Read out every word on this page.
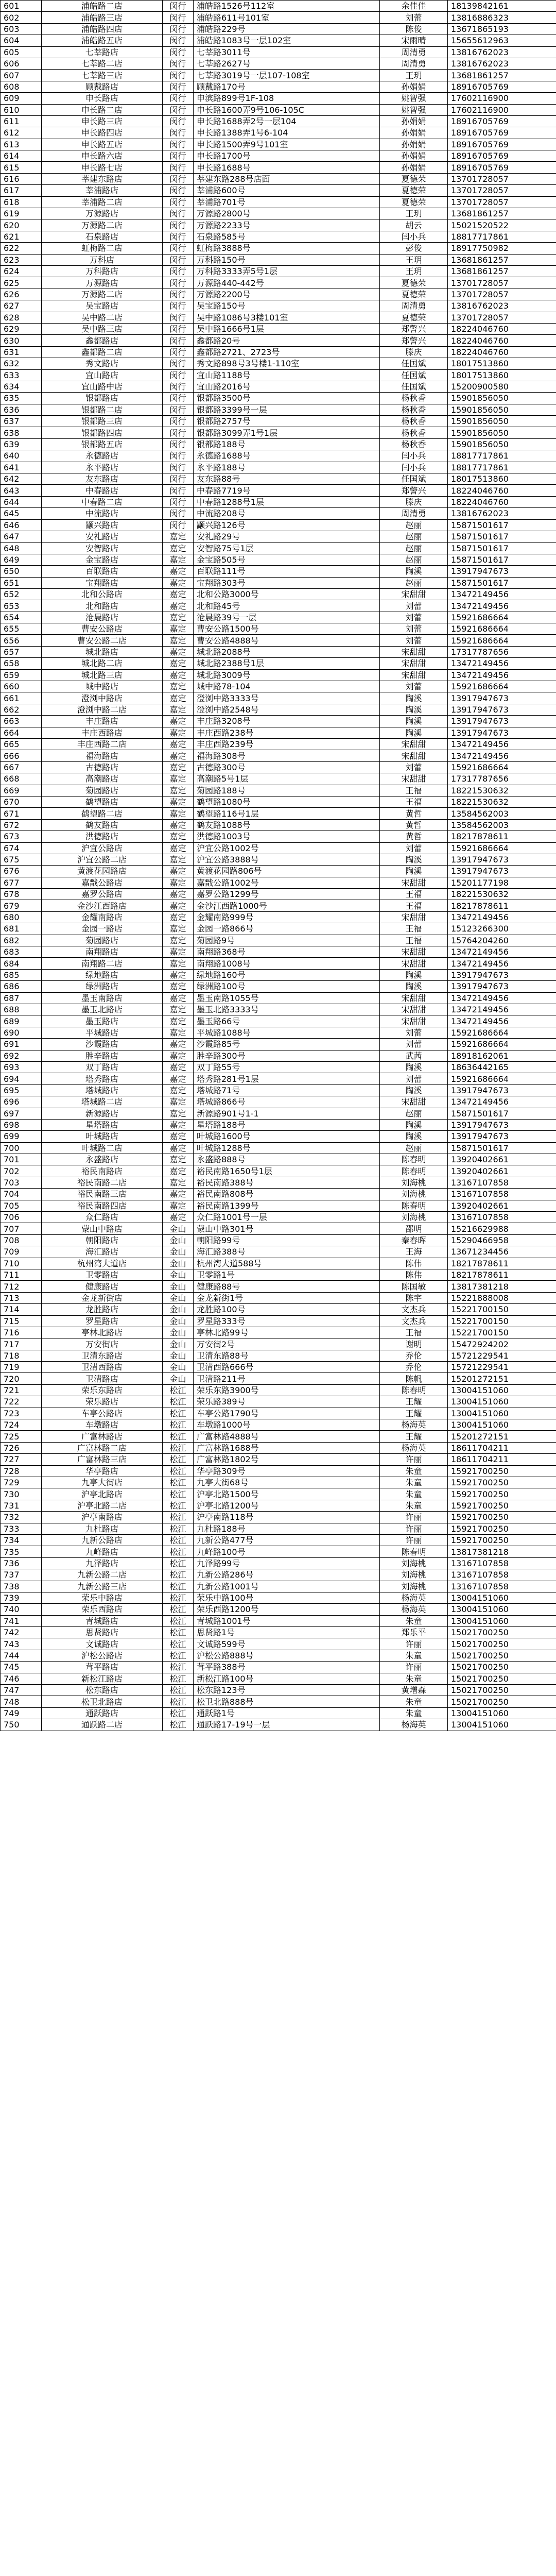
601	浦皓路二店	闵行	浦皓路1526号112室	余佳佳	18139842161
602	浦皓路三店	闵行	浦皓路611号101室	刘蕾	13816886323
603	浦皓路四店	闵行	浦皓路229号	陈俊	13671865193
604	浦皓路五店	闵行	浦皓路1083号一层102室	宋雨晴	15655612963
605	七莘路店	闵行	七莘路3011号	周清勇	13816762023
606	七莘路二店	闵行	七莘路2627号	周清勇	13816762023
607	七莘路三店	闵行	七莘路3019号一层107-108室	王玥	13681861257
608	顾戴路店	闵行	顾戴路170号	孙娟娟	18916705769
609	申长路店	闵行	申滨路899号1F-108	姚智强	17602116900
610	申长路二店	闵行	申长路1600弄9号106-105C	姚智强	17602116900
611	申长路三店	闵行	申长路1688弄2号一层104	孙娟娟	18916705769
612	申长路四店	闵行	申长路1388弄1号6-104	孙娟娟	18916705769
613	申长路五店	闵行	申长路1500弄9号101室	孙娟娟	18916705769
614	申长路六店	闵行	申长路1700号	孙娟娟	18916705769
615	申长路七店	闵行	申长路1688号	孙娟娟	18916705769
616	莘建东路店	闵行	莘建东路288号店面	夏德荣	13701728057
617	莘浦路店	闵行	莘浦路600号	夏德荣	13701728057
618	莘浦路二店	闵行	莘浦路701号	夏德荣	13701728057
619	万源路店	闵行	万源路2800号	王玥	13681861257
620	万源路二店	闵行	万源路2233号	胡云	15021520522
621	石泉路店	闵行	石泉路585号	闫小兵	18817717861
622	虹梅路二店	闵行	虹梅路3888号	彭俊	18917750982
623	万科店	闵行	万科路150号	王玥	13681861257
624	万科路店	闵行	万科路3333弄5号1层	王玥	13681861257
625	万源路店	闵行	万源路440-442号	夏德荣	13701728057
626	万源路二店	闵行	万源路2200号	夏德荣	13701728057
627	吴宝路店	闵行	吴宝路150号	周清勇	13816762023
628	吴中路二店	闵行	吴中路1086号3楼101室	夏德荣	13701728057
629	吴中路三店	闵行	吴中路1666号1层	郑警兴	18224046760
630	鑫都路店	闵行	鑫都路20号	郑警兴	18224046760
631	鑫都路二店	闵行	鑫都路2721、2723号	滕庆	18224046760
632	秀文路店	闵行	秀文路898号3号楼1-110室	任国斌	18017513860
633	宜山路店	闵行	宜山路1188号	任国斌	18017513860
634	宜山路中店	闵行	宜山路2016号	任国斌	15200900580
635	银都路店	闵行	银都路3500号	杨秋香	15901856050
636	银都路二店	闵行	银都路3399号一层	杨秋香	15901856050
637	银都路三店	闵行	银都路2757号	杨秋香	15901856050
638	银都路四店	闵行	银都路3099弄1号1层	杨秋香	15901856050
639	银都路五店	闵行	银都路188号	杨秋香	15901856050
640	永德路店	闵行	永德路1688号	闫小兵	18817717861
641	永平路店	闵行	永平路188号	闫小兵	18817717861
642	友东路店	闵行	友东路88号	任国斌	18017513860
643	中春路店	闵行	中春路7719号	郑警兴	18224046760
644	中春路二店	闵行	中春路1288号1层	滕庆	18224046760
645	中流路店	闵行	中流路208号	周清勇	13816762023
646	颛兴路店	闵行	颛兴路126号	赵丽	15871501617
647	安礼路店	嘉定	安礼路29号	赵丽	15871501617
648	安智路店	嘉定	安智路75号1层	赵丽	15871501617
649	金宝路店	嘉定	金宝路505号	赵丽	15871501617
650	百联路店	嘉定	百联路111号	陶溪	13917947673
651	宝翔路店	嘉定	宝翔路303号	赵丽	15871501617
652	北和公路店	嘉定	北和公路3000号	宋甜甜	13472149456
653	北和路店	嘉定	北和路45号	刘蕾	13472149456
654	沧晨路店	嘉定	沧晨路39号一层	刘蕾	15921686664
655	曹安公路店	嘉定	曹安公路1500号	刘蕾	15921686664
656	曹安公路二店	嘉定	曹安公路4888号	刘蕾	15921686664
657	城北路店	嘉定	城北路2088号	宋甜甜	17317787656
658	城北路二店	嘉定	城北路2388号1层	宋甜甜	13472149456
659	城北路三店	嘉定	城北路3009号	宋甜甜	13472149456
660	城中路店	嘉定	城中路78-104	刘蕾	15921686664
661	澄浏中路店	嘉定	澄浏中路3333号	陶溪	13917947673
662	澄浏中路二店	嘉定	澄浏中路2548号	陶溪	13917947673
663	丰庄路店	嘉定	丰庄路3208号	陶溪	13917947673
664	丰庄西路店	嘉定	丰庄西路238号	陶溪	13917947673
665	丰庄西路二店	嘉定	丰庄西路239号	宋甜甜	13472149456
666	福海路店	嘉定	福海路308号	宋甜甜	13472149456
667	古德路店	嘉定	古德路300号	刘蕾	15921686664
668	高潮路店	嘉定	高潮路5号1层	宋甜甜	17317787656
669	菊园路店	嘉定	菊园路188号	王福	18221530632
670	鹤望路店	嘉定	鹤望路1080号	王福	18221530632
671	鹤望路二店	嘉定	鹤望路116号1层	黄哲	13584562003
672	鹤友路店	嘉定	鹤友路1088号	黄哲	13584562003
673	洪德路店	嘉定	洪德路1003号	黄哲	18217878611
674	沪宜公路店	嘉定	沪宜公路1002号	刘蕾	15921686664
675	沪宜公路二店	嘉定	沪宜公路3888号	陶溪	13917947673
676	黄渡花园路店	嘉定	黄渡花园路806号	陶溪	13917947673
677	嘉戬公路店	嘉定	嘉戬公路1002号	宋甜甜	15201177198
678	嘉罗公路店	嘉定	嘉罗公路1299号	王福	18221530632
679	金沙江西路店	嘉定	金沙江西路1000号	王福	18217878611
680	金耀南路店	嘉定	金耀南路999号	宋甜甜	13472149456
681	金园一路店	嘉定	金园一路866号	王福	15123266300
682	菊园路店	嘉定	菊园路9号	王福	15764204260
683	南翔路店	嘉定	南翔路368号	宋甜甜	13472149456
684	南翔路二店	嘉定	南翔路1008号	宋甜甜	13472149456
685	绿地路店	嘉定	绿地路160号	陶溪	13917947673
686	绿洲路店	嘉定	绿洲路100号	陶溪	13917947673
687	墨玉南路店	嘉定	墨玉南路1055号	宋甜甜	13472149456
688	墨玉北路店	嘉定	墨玉北路3333号	宋甜甜	13472149456
689	墨玉路店	嘉定	墨玉路66号	宋甜甜	13472149456
690	平城路店	嘉定	平城路1088号	刘蕾	15921686664
691	沙霞路店	嘉定	沙霞路85号	刘蕾	15921686664
692	胜辛路店	嘉定	胜辛路300号	武茜	18918162061
693	双丁路店	嘉定	双丁路55号	陶溪	18636442165
694	塔秀路店	嘉定	塔秀路281号1层	刘蕾	15921686664
695	塔城路店	嘉定	塔城路71号	陶溪	13917947673
696	塔城路二店	嘉定	塔城路866号	宋甜甜	13472149456
697	新源路店	嘉定	新源路901号1-1	赵丽	15871501617
698	星塔路店	嘉定	星塔路188号	陶溪	13917947673
699	叶城路店	嘉定	叶城路1600号	陶溪	13917947673
700	叶城路二店	嘉定	叶城路1288号	赵丽	15871501617
701	永盛路店	嘉定	永盛路888号	陈春明	13920402661
702	裕民南路店	嘉定	裕民南路1650号1层	陈春明	13920402661
703	裕民南路二店	嘉定	裕民南路388号	刘海桃	13167107858
704	裕民南路三店	嘉定	裕民南路808号	刘海桃	13167107858
705	裕民南路四店	嘉定	裕民南路1399号	陈春明	13920402661
706	众仁路店	嘉定	众仁路1001号一层	刘海桃	13167107858
707	蒙山中路店	金山	蒙山中路301号	邵明	15216629988
708	朝阳路店	金山	朝阳路99号	秦春晖	15290466958
709	海汇路店	金山	海汇路388号	王海	13671234456
710	杭州湾大道店	金山	杭州湾大道588号	陈伟	18217878611
711	卫零路店	金山	卫零路1号	陈伟	18217878611
712	健康路店	金山	健康路88号	陈国敏	13817381218
713	金龙新街店	金山	金龙新街1号	陈宇	15221888008
714	龙胜路店	金山	龙胜路100号	文杰兵	15221700150
715	罗星路店	金山	罗星路333号	文杰兵	15221700150
716	亭林北路店	金山	亭林北路99号	王福	15221700150
717	万安街店	金山	万安街2号	谢明	15472924202
718	卫清东路店	金山	卫清东路88号	乔伦	15721229541
719	卫清西路店	金山	卫清西路666号	乔伦	15721229541
720	卫清路店	金山	卫清路211号	陈帆	15201272151
721	荣乐东路店	松江	荣乐东路3900号	陈春明	13004151060
722	荣乐路店	松江	荣乐路389号	王耀	13004151060
723	车亭公路店	松江	车亭公路1790号	王耀	13004151060
724	车墩路店	松江	车墩路1000号	杨海英	13004151060
725	广富林路店	松江	广富林路4888号	王耀	15201272151
726	广富林路二店	松江	广富林路1688号	杨海英	18611704211
727	广富林路三店	松江	广富林路1802号	许丽	18611704211
728	华亭路店	松江	华亭路309号	朱童	15921700250
729	九亭大街店	松江	九亭大街68号	朱童	15921700250
730	沪亭北路店	松江	沪亭北路1500号	朱童	15921700250
731	沪亭北路二店	松江	沪亭北路1200号	朱童	15921700250
732	沪亭南路店	松江	沪亭南路118号	许丽	15921700250
733	九杜路店	松江	九杜路188号	许丽	15921700250
734	九新公路店	松江	九新公路477号	许丽	15921700250
735	九峰路店	松江	九峰路100号	陈春明	13817381218
736	九泽路店	松江	九泽路99号	刘海桃	13167107858
737	九新公路二店	松江	九新公路286号	刘海桃	13167107858
738	九新公路三店	松江	九新公路1001号	刘海桃	13167107858
739	荣乐中路店	松江	荣乐中路100号	杨海英	13004151060
740	荣乐西路店	松江	荣乐西路1200号	杨海英	13004151060
741	青城路店	松江	青城路1001号	朱童	13004151060
742	思贤路店	松江	思贤路1号	郑乐平	15021700250
743	文诚路店	松江	文诚路599号	许丽	15021700250
744	沪松公路店	松江	沪松公路888号	朱童	15021700250
745	茸平路店	松江	茸平路388号	许丽	15021700250
746	新松江路店	松江	新松江路100号	朱童	15021700250
747	松东路店	松江	松东路123号	黄增森	15021700250
748	松卫北路店	松江	松卫北路888号	朱童	15021700250
749	通跃路店	松江	通跃路1号	朱童	13004151060
750	通跃路二店	松江	通跃路17-19号一层	杨海英	13004151060
